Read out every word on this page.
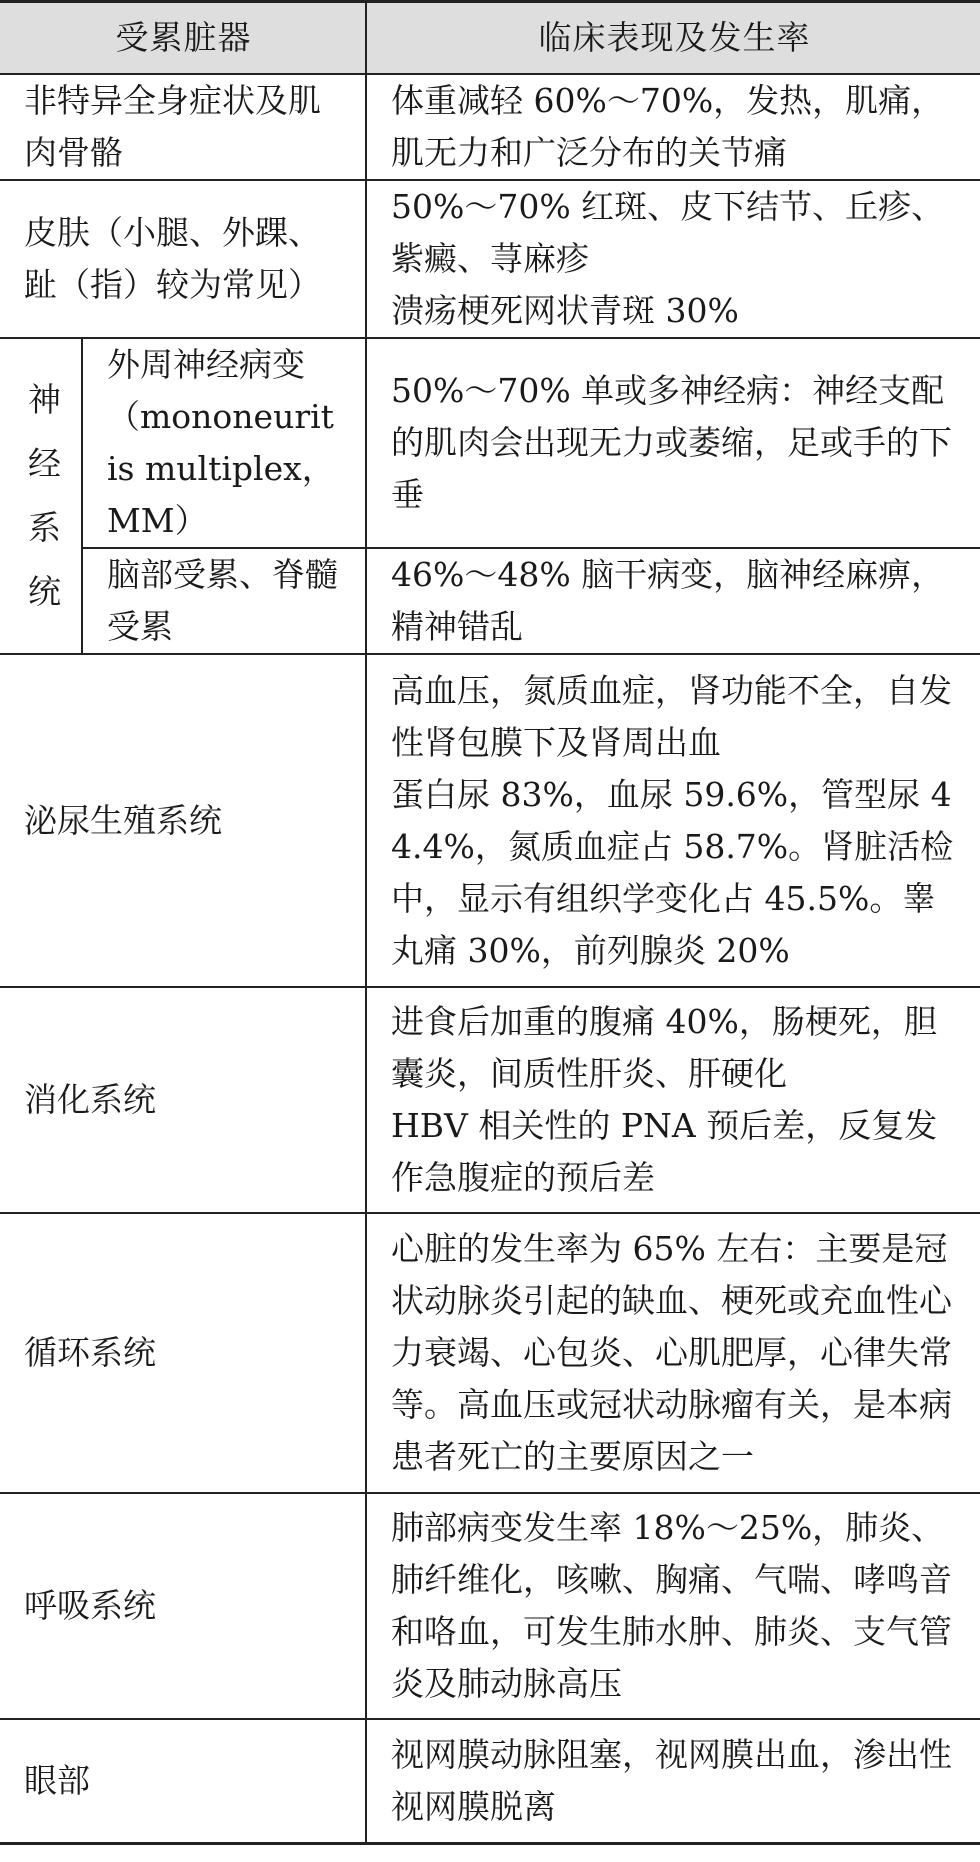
受累脏器		临床表现及发生率
非特异全身症状及肌肉骨骼		体重减轻 60%～70%，发热，肌痛，肌无力和广泛分布的关节痛

皮肤（小腿、外踝、趾（指）较为常见）		50%～70% 红斑、皮下结节、丘疹、紫癜、荨麻疹
溃疡梗死网状青斑 30%

神经系统	外周神经病变（mononeuritis multiplex，MM）	50%～70% 单或多神经病：神经支配的肌肉会出现无力或萎缩，足或手的下垂

	脑部受累、脊髓受累	46%～48% 脑干病变，脑神经麻痹，精神错乱

泌尿生殖系统		高血压，氮质血症，肾功能不全，自发性肾包膜下及肾周出血
蛋白尿 83%，血尿 59.6%，管型尿 44.4%，氮质血症占 58.7%。肾脏活检中，显示有组织学变化占 45.5%。睾丸痛 30%，前列腺炎 20%

消化系统		进食后加重的腹痛 40%，肠梗死，胆囊炎，间质性肝炎、肝硬化
HBV 相关性的 PNA 预后差，反复发作急腹症的预后差

循环系统		心脏的发生率为 65% 左右：主要是冠状动脉炎引起的缺血、梗死或充血性心力衰竭、心包炎、心肌肥厚，心律失常等。高血压或冠状动脉瘤有关，是本病患者死亡的主要原因之一

呼吸系统		肺部病变发生率 18%～25%，肺炎、肺纤维化，咳嗽、胸痛、气喘、哮鸣音和咯血，可发生肺水肿、肺炎、支气管炎及肺动脉高压

眼部		视网膜动脉阻塞，视网膜出血，渗出性视网膜脱离
